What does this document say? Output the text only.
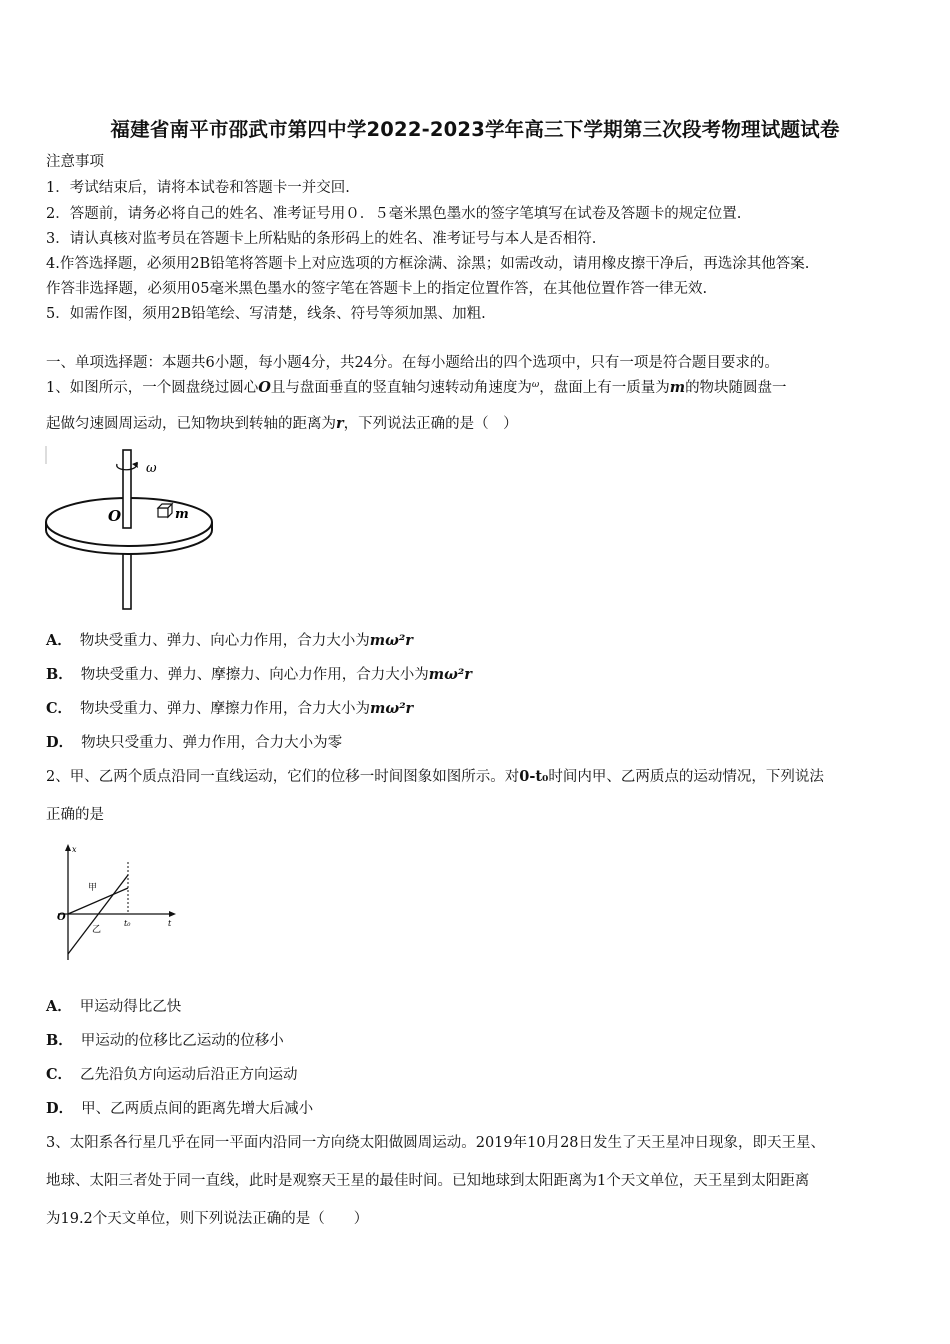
福建省南平市邵武市第四中学2022-2023学年高三下学期第三次段考物理试题试卷
注意事项
1．考试结束后，请将本试卷和答题卡一并交回.
2．答题前，请务必将自己的姓名、准考证号用０．５毫米黑色墨水的签字笔填写在试卷及答题卡的规定位置.
3．请认真核对监考员在答题卡上所粘贴的条形码上的姓名、准考证号与本人是否相符.
4.作答选择题，必须用2B铅笔将答题卡上对应选项的方框涂满、涂黑；如需改动，请用橡皮擦干净后，再选涂其他答案.
作答非选择题，必须用05毫米黑色墨水的签字笔在答题卡上的指定位置作答，在其他位置作答一律无效.
5．如需作图，须用2B铅笔绘、写清楚，线条、符号等须加黑、加粗.
一、单项选择题：本题共6小题，每小题4分，共24分。在每小题给出的四个选项中，只有一项是符合题目要求的。
1、如图所示，一个圆盘绕过圆心O且与盘面垂直的竖直轴匀速转动角速度为$^\omega$，盘面上有一质量为m的物块随圆盘一
起做匀速圆周运动，已知物块到转轴的距离为r，下列说法正确的是（　）
ω
O	m
A． 物块受重力、弹力、向心力作用，合力大小为mω²r
B． 物块受重力、弹力、摩擦力、向心力作用，合力大小为mω²r
C． 物块受重力、弹力、摩擦力作用，合力大小为mω²r
D． 物块只受重力、弹力作用，合力大小为零
2、甲、乙两个质点沿同一直线运动，它们的位移一时间图象如图所示。对0-t₀时间内甲、乙两质点的运动情况，下列说法
正确的是
x
t
O
t₀
甲
乙
A． 甲运动得比乙快
B． 甲运动的位移比乙运动的位移小
C． 乙先沿负方向运动后沿正方向运动
D． 甲、乙两质点间的距离先增大后减小
3、太阳系各行星几乎在同一平面内沿同一方向绕太阳做圆周运动。2019年10月28日发生了天王星冲日现象，即天王星、
地球、太阳三者处于同一直线，此时是观察天王星的最佳时间。已知地球到太阳距离为1个天文单位，天王星到太阳距离
为19.2个天文单位，则下列说法正确的是（　　）
